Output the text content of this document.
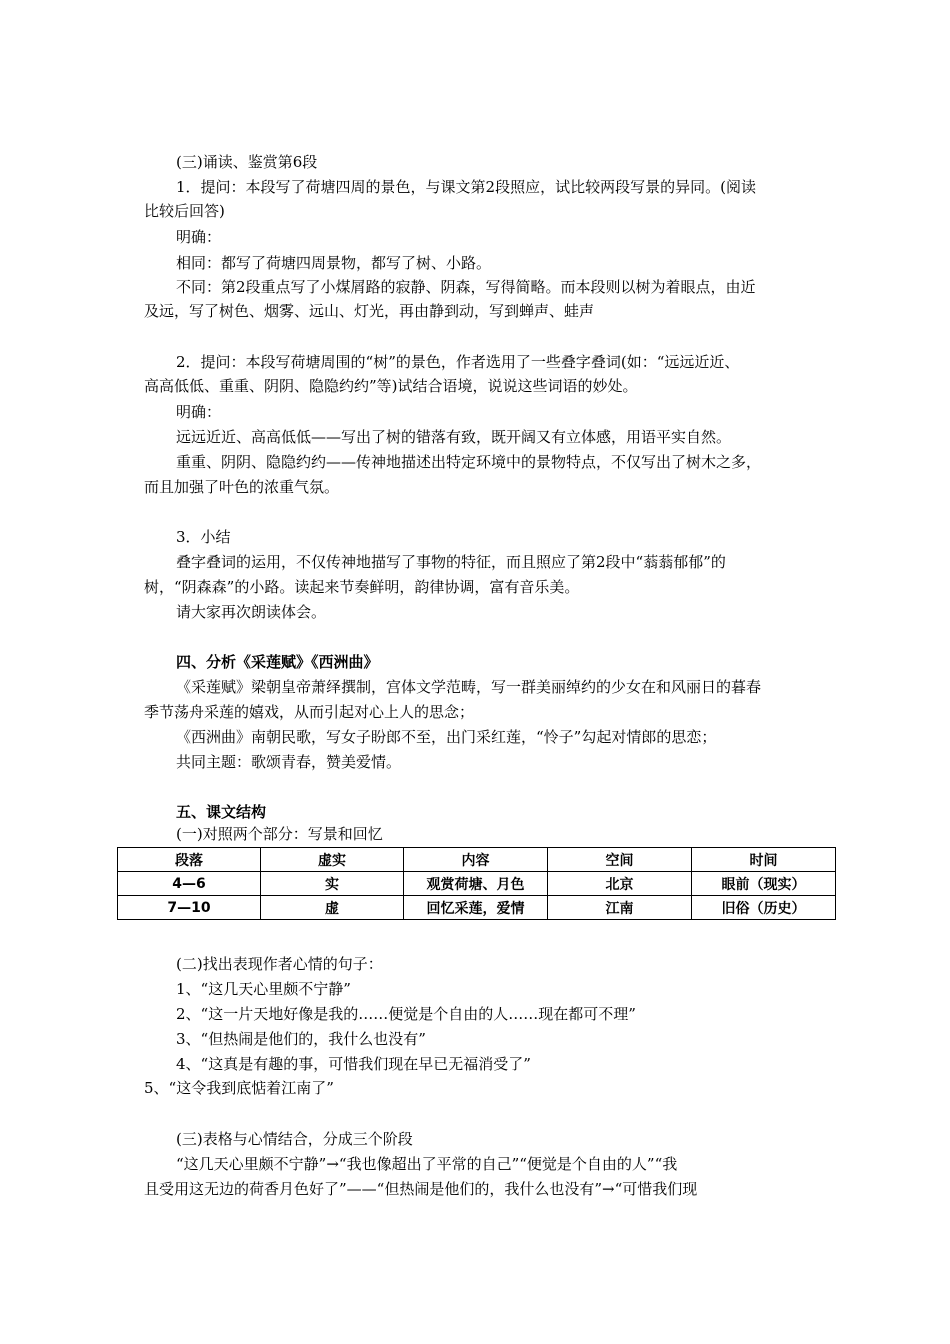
(三)诵读、鉴赏第6段
1．提问：本段写了荷塘四周的景色，与课文第2段照应，试比较两段写景的异同。(阅读
比较后回答)
明确：
相同：都写了荷塘四周景物，都写了树、小路。
不同：第2段重点写了小煤屑路的寂静、阴森，写得简略。而本段则以树为着眼点，由近
及远，写了树色、烟雾、远山、灯光，再由静到动，写到蝉声、蛙声
2．提问：本段写荷塘周围的“树”的景色，作者选用了一些叠字叠词(如：“远远近近、
高高低低、重重、阴阴、隐隐约约”等)试结合语境，说说这些词语的妙处。
明确：
远远近近、高高低低——写出了树的错落有致，既开阔又有立体感，用语平实自然。
重重、阴阴、隐隐约约——传神地描述出特定环境中的景物特点，不仅写出了树木之多，
而且加强了叶色的浓重气氛。
3．小结
叠字叠词的运用，不仅传神地描写了事物的特征，而且照应了第2段中“蓊蓊郁郁”的
树，“阴森森”的小路。读起来节奏鲜明，韵律协调，富有音乐美。
请大家再次朗读体会。
四、分析《采莲赋》《西洲曲》
《采莲赋》梁朝皇帝萧绎撰制，宫体文学范畴，写一群美丽绰约的少女在和风丽日的暮春
季节荡舟采莲的嬉戏，从而引起对心上人的思念；
《西洲曲》南朝民歌，写女子盼郎不至，出门采红莲，“怜子”勾起对情郎的思恋；
共同主题：歌颂青春，赞美爱情。
五、课文结构
(一)对照两个部分：写景和回忆
段落	虚实	内容	空间	时间
4—6	实	观赏荷塘、月色	北京	眼前（现实）
7—10	虚	回忆采莲，爱情	江南	旧俗（历史）
(二)找出表现作者心情的句子：
1、“这几天心里颇不宁静”
2、“这一片天地好像是我的……便觉是个自由的人……现在都可不理”
3、“但热闹是他们的，我什么也没有”
4、“这真是有趣的事，可惜我们现在早已无福消受了”
5、“这令我到底惦着江南了”
(三)表格与心情结合，分成三个阶段
“这几天心里颇不宁静”→“我也像超出了平常的自己”“便觉是个自由的人”“我
且受用这无边的荷香月色好了”——“但热闹是他们的，我什么也没有”→“可惜我们现
